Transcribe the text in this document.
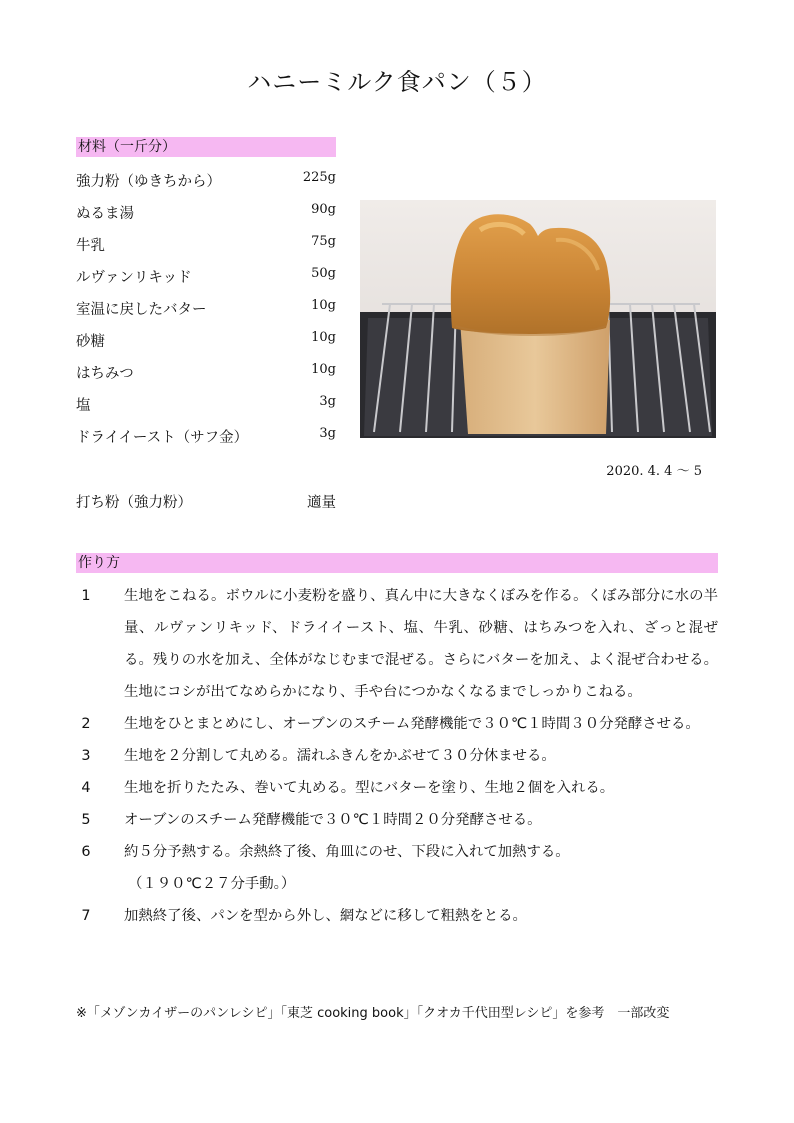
ハニーミルク食パン（５）
材料（一斤分）
強力粉（ゆきちから）	225g
ぬるま湯	90g
牛乳	75g
ルヴァンリキッド	50g
室温に戻したバター	10g
砂糖	10g
はちみつ	10g
塩	3g
ドライイースト（サフ金）	3g
打ち粉（強力粉）	適量
2020. 4. 4 〜 5
作り方
1	生地をこねる。ボウルに小麦粉を盛り、真ん中に大きなくぼみを作る。くぼみ部分に水の半量、ルヴァンリキッド、ドライイースト、塩、牛乳、砂糖、はちみつを入れ、ざっと混ぜる。残りの水を加え、全体がなじむまで混ぜる。さらにバターを加え、よく混ぜ合わせる。生地にコシが出てなめらかになり、手や台につかなくなるまでしっかりこねる。
2	生地をひとまとめにし、オーブンのスチーム発酵機能で３０℃１時間３０分発酵させる。
3	生地を２分割して丸める。濡れふきんをかぶせて３０分休ませる。
4	生地を折りたたみ、巻いて丸める。型にバターを塗り、生地２個を入れる。
5	オーブンのスチーム発酵機能で３０℃１時間２０分発酵させる。
6	約５分予熱する。余熱終了後、角皿にのせ、下段に入れて加熱する。
（１９０℃２７分手動。）
7	加熱終了後、パンを型から外し、網などに移して粗熱をとる。
※「メゾンカイザーのパンレシピ」「東芝 cooking book」「クオカ千代田型レシピ」を参考　一部改変
